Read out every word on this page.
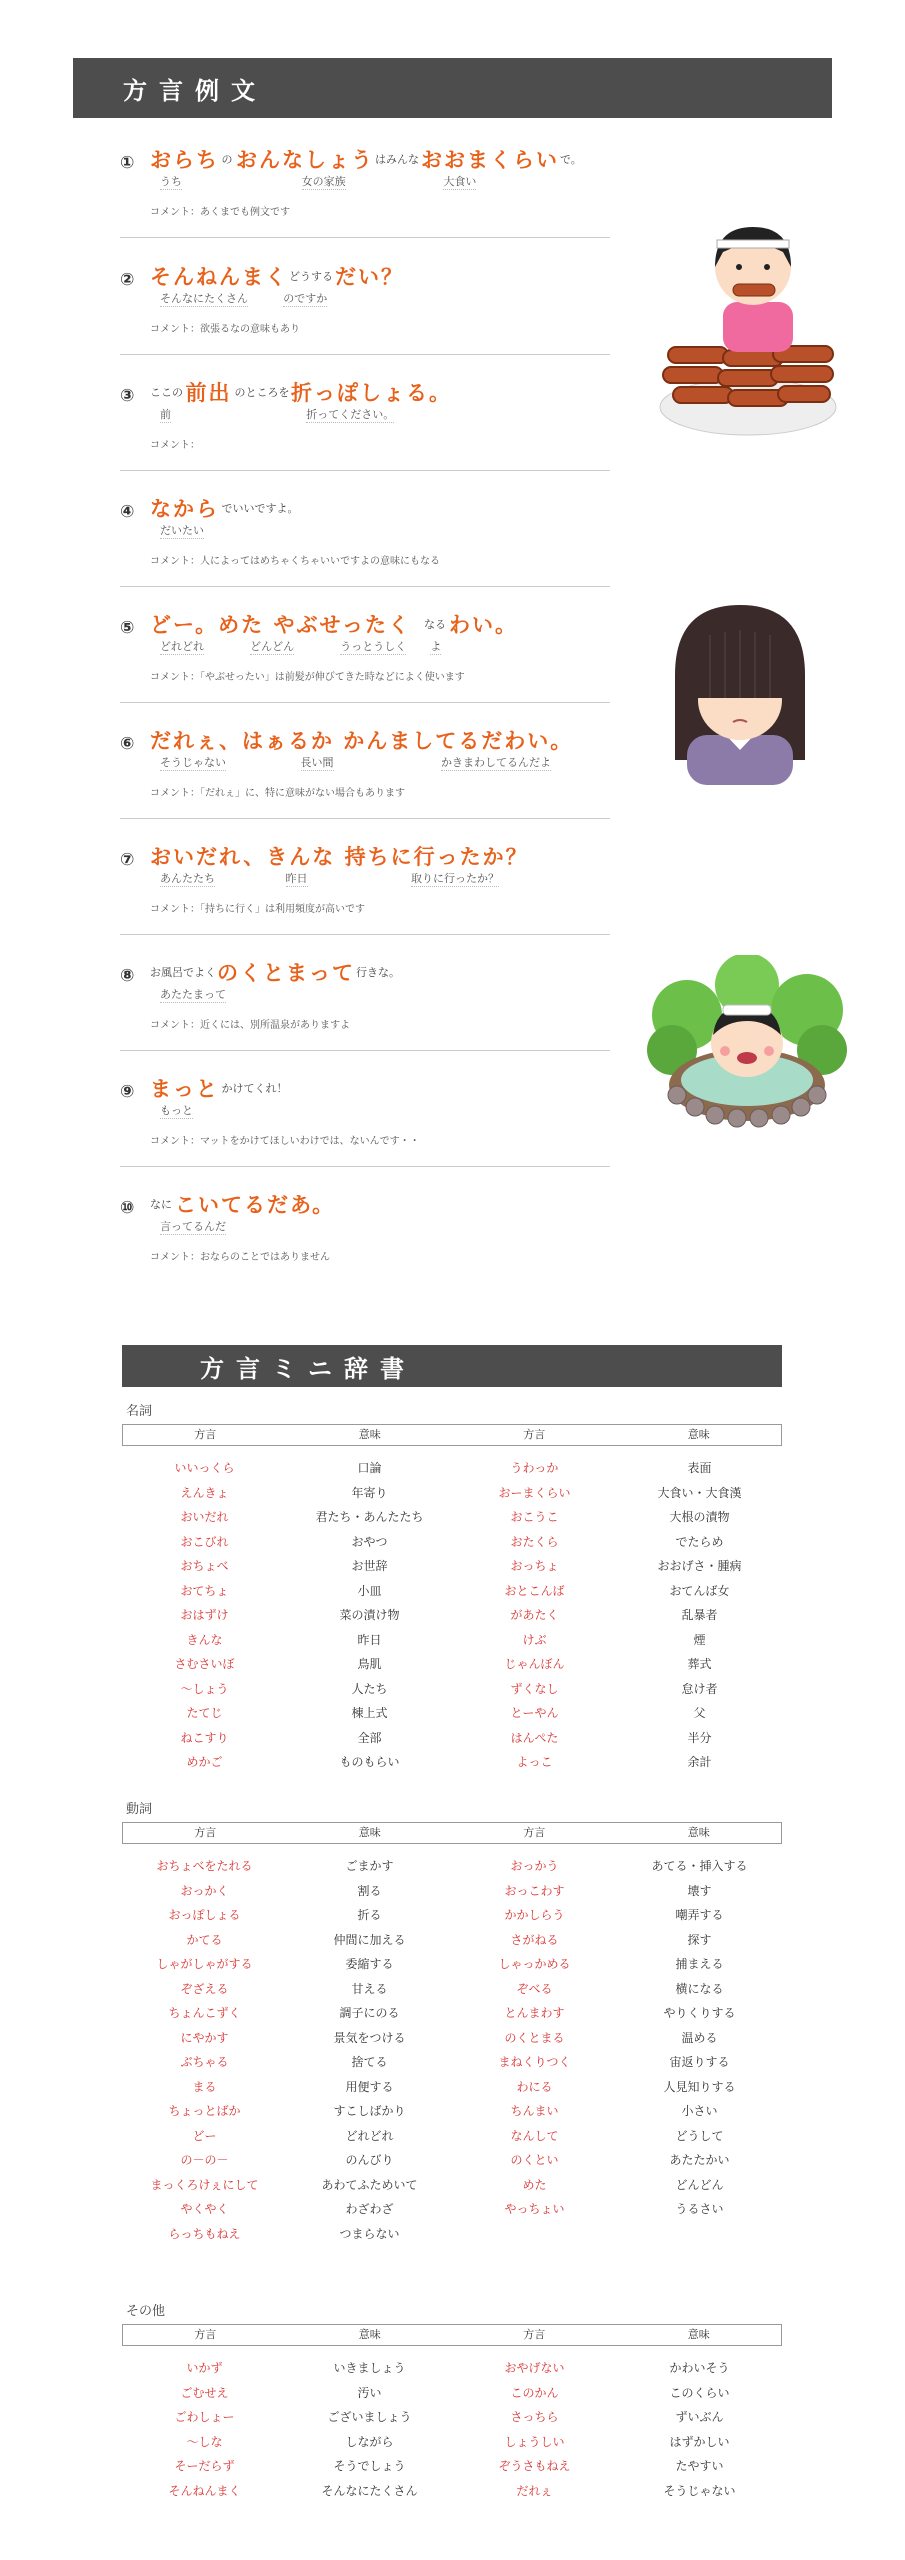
方言例文
① おらち の おんなしょう はみんな おおまくらい で。
うち	女の家族	大食い
コメント：あくまでも例文です
② そんねんまく どうする だい？
そんなにたくさん	のですか
コメント：欲張るなの意味もあり
③ ここの 前出 のところを 折っぽしょる。
前	折ってください。
コメント：
④ なから でいいですよ。
だいたい
コメント：人によってはめちゃくちゃいいですよの意味にもなる
⑤ どー。めた やぶせったく なる わい。
どれどれ	どんどん	うっとうしく よ
コメント：「やぶせったい」は前髪が伸びてきた時などによく使います
⑥ だれぇ、はぁるか かんましてるだわい。
そうじゃない	長い間	かきまわしてるんだよ
コメント：「だれぇ」に、特に意味がない場合もあります
⑦ おいだれ、きんな 持ちに行ったか？
あんたたち	昨日	取りに行ったか？
コメント：「持ちに行く」は利用頻度が高いです
⑧ お風呂でよく のくとまって 行きな。
あたたまって
コメント：近くには、別所温泉がありますよ
⑨ まっと かけてくれ！
もっと
コメント：マットをかけてほしいわけでは、ないんです・・
⑩ なに こいてるだあ。
言ってるんだ
コメント：おならのことではありません
方言ミニ辞書
名詞
方言	意味	方言	意味
いいっくら	口論	うわっか	表面
えんきょ	年寄り	おーまくらい	大食い・大食漢
おいだれ	君たち・あんたたち	おこうこ	大根の漬物
おこびれ	おやつ	おたくら	でたらめ
おちょべ	お世辞	おっちょ	おおげさ・腫病
おてちょ	小皿	おとこんば	おてんば女
おはずけ	菜の漬け物	があたく	乱暴者
きんな	昨日	けぶ	煙
さむさいぼ	鳥肌	じゃんぼん	葬式
～しょう	人たち	ずくなし	怠け者
たてじ	棟上式	とーやん	父
ねこすり	全部	はんぺた	半分
めかご	ものもらい	よっこ	余計
動詞
方言	意味	方言	意味
おちょべをたれる	ごまかす	おっかう	あてる・挿入する
おっかく	割る	おっこわす	壊す
おっぽしょる	折る	かかしらう	嘲弄する
かてる	仲間に加える	さがねる	探す
しゃがしゃがする	委縮する	しゃっかめる	捕まえる
ぞざえる	甘える	ぞべる	横になる
ちょんこずく	調子にのる	とんまわす	やりくりする
にやかす	景気をつける	のくとまる	温める
ぶちゃる	捨てる	まねくりつく	宙返りする
まる	用便する	わにる	人見知りする
ちょっとばか	すこしばかり	ちんまい	小さい
どー	どれどれ	なんして	どうして
の－の－	のんびり	のくとい	あたたかい
まっくろけぇにして	あわてふためいて	めた	どんどん
やくやく	わざわざ	やっちょい	うるさい
らっちもねえ	つまらない
その他
方言	意味	方言	意味
いかず	いきましょう	おやげない	かわいそう
ごむせえ	汚い	このかん	このくらい
ごわしょー	ございましょう	さっちら	ずいぶん
～しな	しながら	しょうしい	はずかしい
そーだらず	そうでしょう	ぞうさもねえ	たやすい
そんねんまく	そんなにたくさん	だれぇ	そうじゃない
